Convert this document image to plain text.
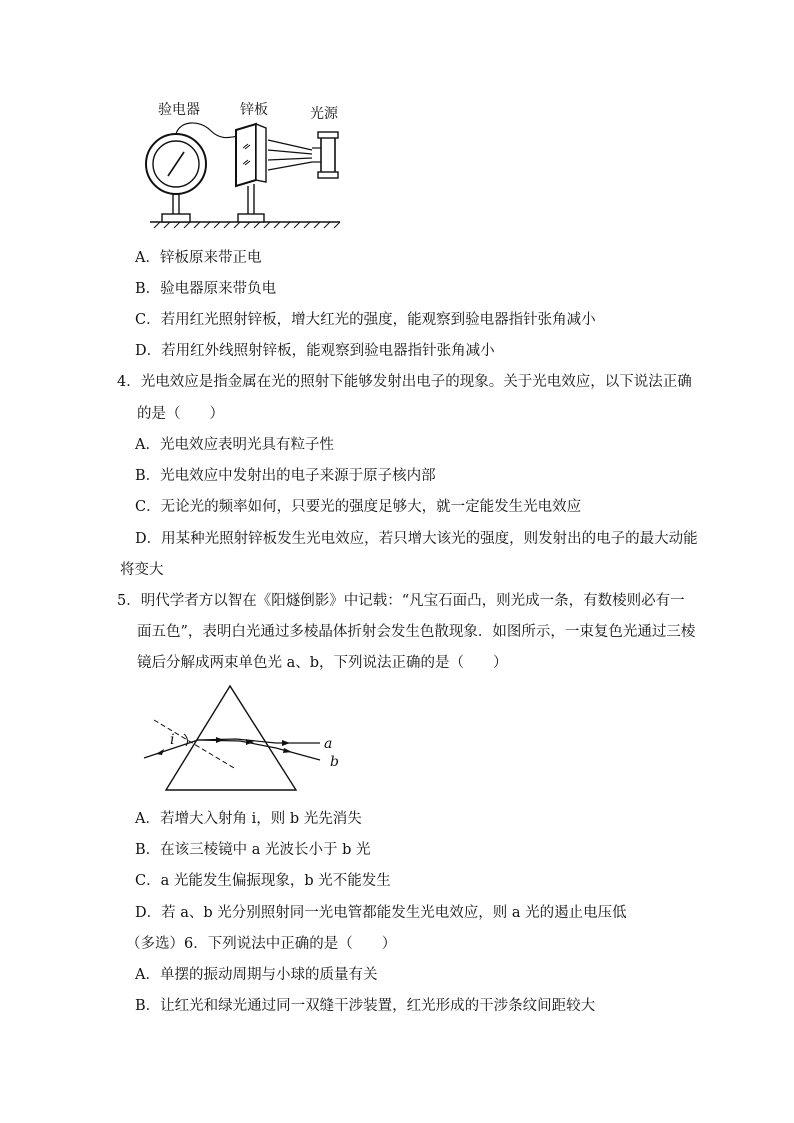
验电器	锌板	光源
A．锌板原来带正电
B．验电器原来带负电
C．若用红光照射锌板，增大红光的强度，能观察到验电器指针张角减小
D．若用红外线照射锌板，能观察到验电器指针张角减小
4．光电效应是指金属在光的照射下能够发射出电子的现象。关于光电效应，以下说法正确
的是（　　）
A．光电效应表明光具有粒子性
B．光电效应中发射出的电子来源于原子核内部
C．无论光的频率如何，只要光的强度足够大，就一定能发生光电效应
D．用某种光照射锌板发生光电效应，若只增大该光的强度，则发射出的电子的最大动能
将变大
5．明代学者方以智在《阳燧倒影》中记载：“凡宝石面凸，则光成一条，有数棱则必有一
面五色”，表明白光通过多棱晶体折射会发生色散现象．如图所示，一束复色光通过三棱
镜后分解成两束单色光 a、b，下列说法正确的是（　　）
i	a
b
A．若增大入射角 i，则 b 光先消失
B．在该三棱镜中 a 光波长小于 b 光
C．a 光能发生偏振现象，b 光不能发生
D．若 a、b 光分别照射同一光电管都能发生光电效应，则 a 光的遏止电压低
（多选）6．下列说法中正确的是（　　）
A．单摆的振动周期与小球的质量有关
B．让红光和绿光通过同一双缝干涉装置，红光形成的干涉条纹间距较大
